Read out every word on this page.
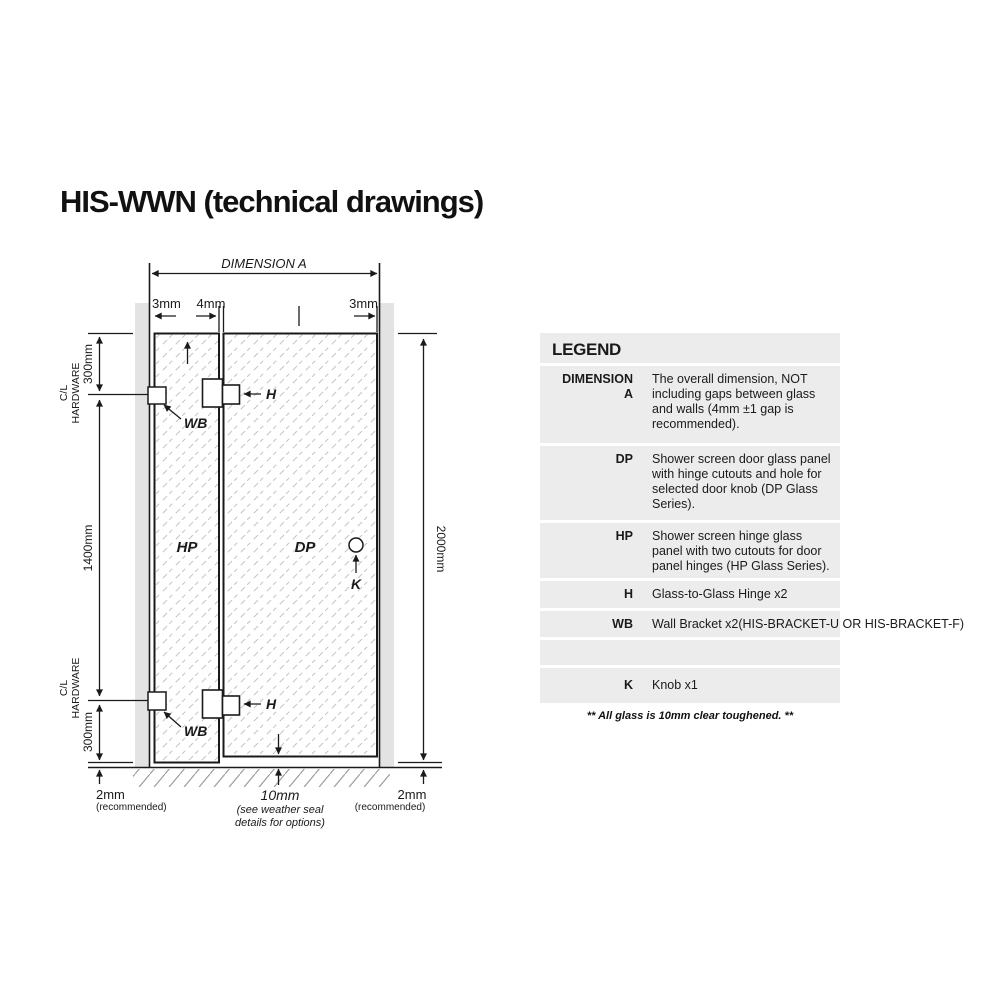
HIS-WWN (technical drawings)
DIMENSION A
3mm 4mm	3mm
300mm
1400mm
300mm
C/L HARDWARE
C/L HARDWARE
2000mm
2mm
(recommended)
10mm
(see weather seal
details for options)
2mm
(recommended)
H
H
WB
WB
K
HP	DP
LEGEND
DIMENSION A
The overall dimension, NOT including gaps between glass and walls (4mm ±1 gap is recommended).
DP Shower screen door glass panel with hinge cutouts and hole for selected door knob (DP Glass Series).
HP Shower screen hinge glass panel with two cutouts for door panel hinges (HP Glass Series).
H Glass-to-Glass Hinge x2
WB Wall Bracket x2(HIS-BRACKET-U OR HIS-BRACKET-F)
K Knob x1
** All glass is 10mm clear toughened. **
